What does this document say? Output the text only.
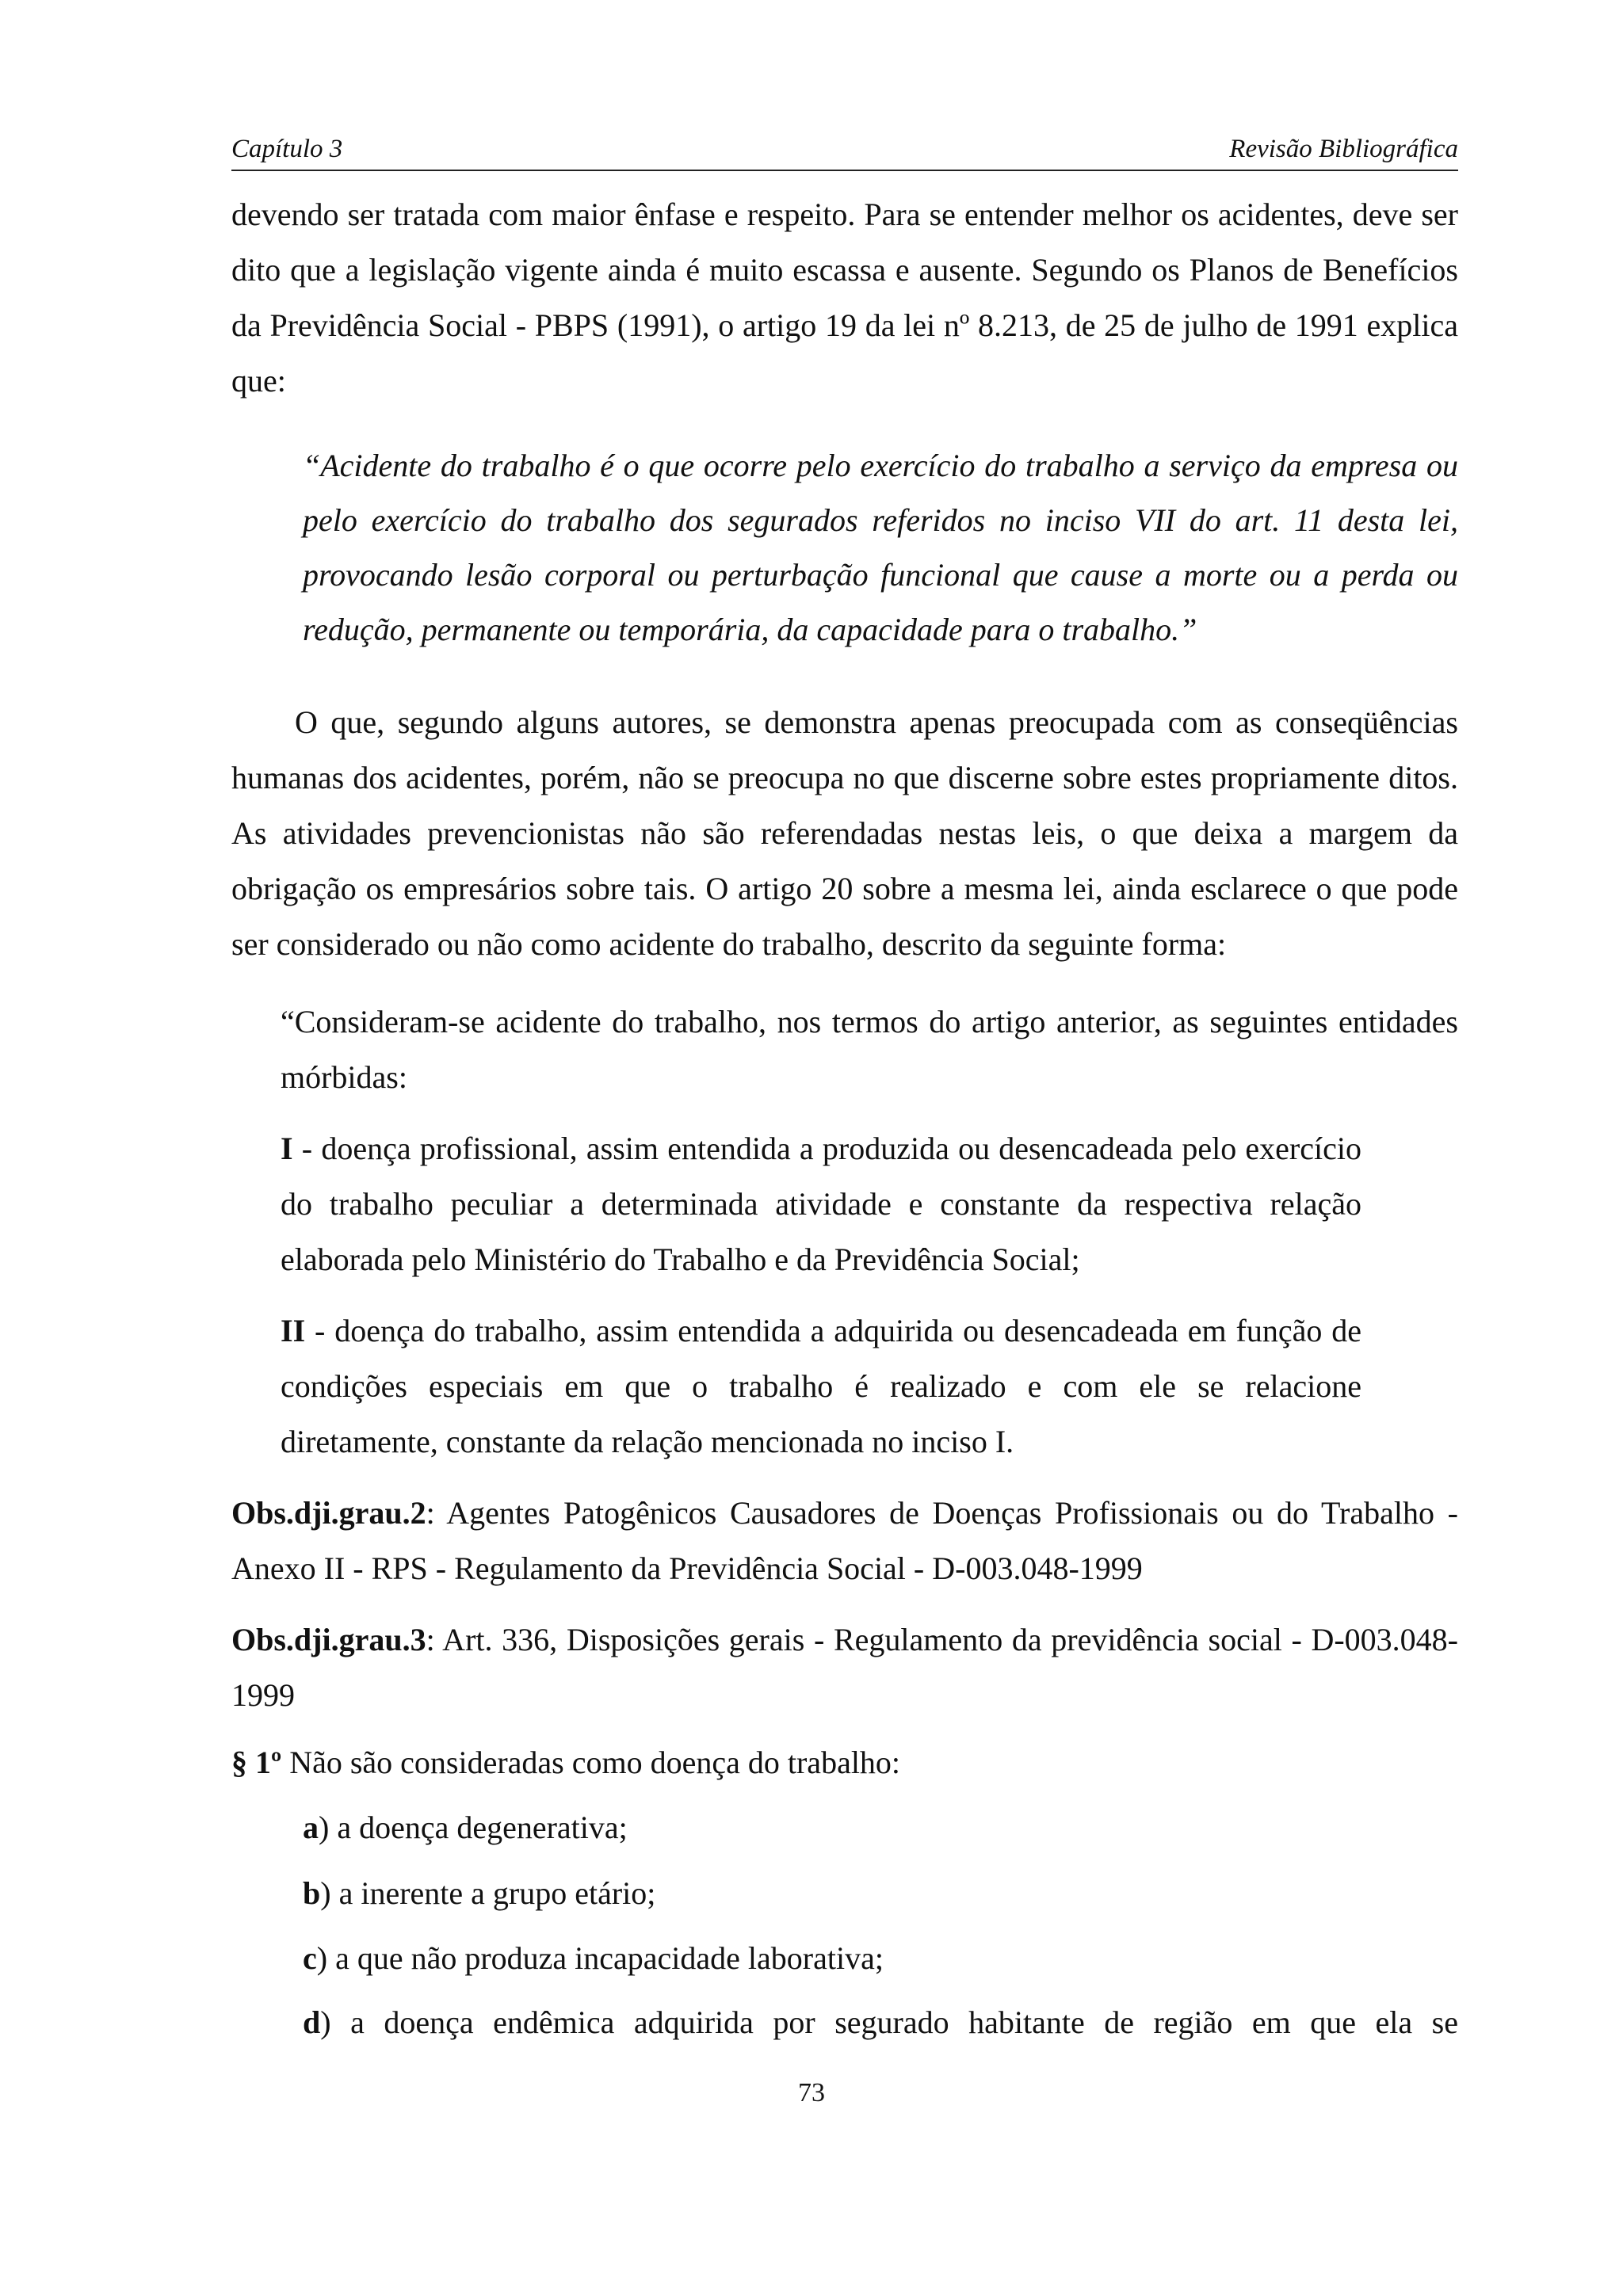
Capítulo 3	Revisão Bibliográfica
devendo ser tratada com maior ênfase e respeito. Para se entender melhor os acidentes, deve ser dito que a legislação vigente ainda é muito escassa e ausente. Segundo os Planos de Benefícios da Previdência Social - PBPS (1991), o artigo 19 da lei nº 8.213, de 25 de julho de 1991 explica que:
“Acidente do trabalho é o que ocorre pelo exercício do trabalho a serviço da empresa ou pelo exercício do trabalho dos segurados referidos no inciso VII do art. 11 desta lei, provocando lesão corporal ou perturbação funcional que cause a morte ou a perda ou redução, permanente ou temporária, da capacidade para o trabalho.”
O que, segundo alguns autores, se demonstra apenas preocupada com as conseqüências humanas dos acidentes, porém, não se preocupa no que discerne sobre estes propriamente ditos. As atividades prevencionistas não são referendadas nestas leis, o que deixa a margem da obrigação os empresários sobre tais. O artigo 20 sobre a mesma lei, ainda esclarece o que pode ser considerado ou não como acidente do trabalho, descrito da seguinte forma:
“Consideram-se acidente do trabalho, nos termos do artigo anterior, as seguintes entidades mórbidas:
I - doença profissional, assim entendida a produzida ou desencadeada pelo exercício do trabalho peculiar a determinada atividade e constante da respectiva relação elaborada pelo Ministério do Trabalho e da Previdência Social;
II - doença do trabalho, assim entendida a adquirida ou desencadeada em função de condições especiais em que o trabalho é realizado e com ele se relacione diretamente, constante da relação mencionada no inciso I.
Obs.dji.grau.2: Agentes Patogênicos Causadores de Doenças Profissionais ou do Trabalho - Anexo II - RPS - Regulamento da Previdência Social - D-003.048-1999
Obs.dji.grau.3: Art. 336, Disposições gerais - Regulamento da previdência social - D-003.048-1999
§ 1º Não são consideradas como doença do trabalho:
a) a doença degenerativa;
b) a inerente a grupo etário;
c) a que não produza incapacidade laborativa;
d) a doença endêmica adquirida por segurado habitante de região em que ela se
73
